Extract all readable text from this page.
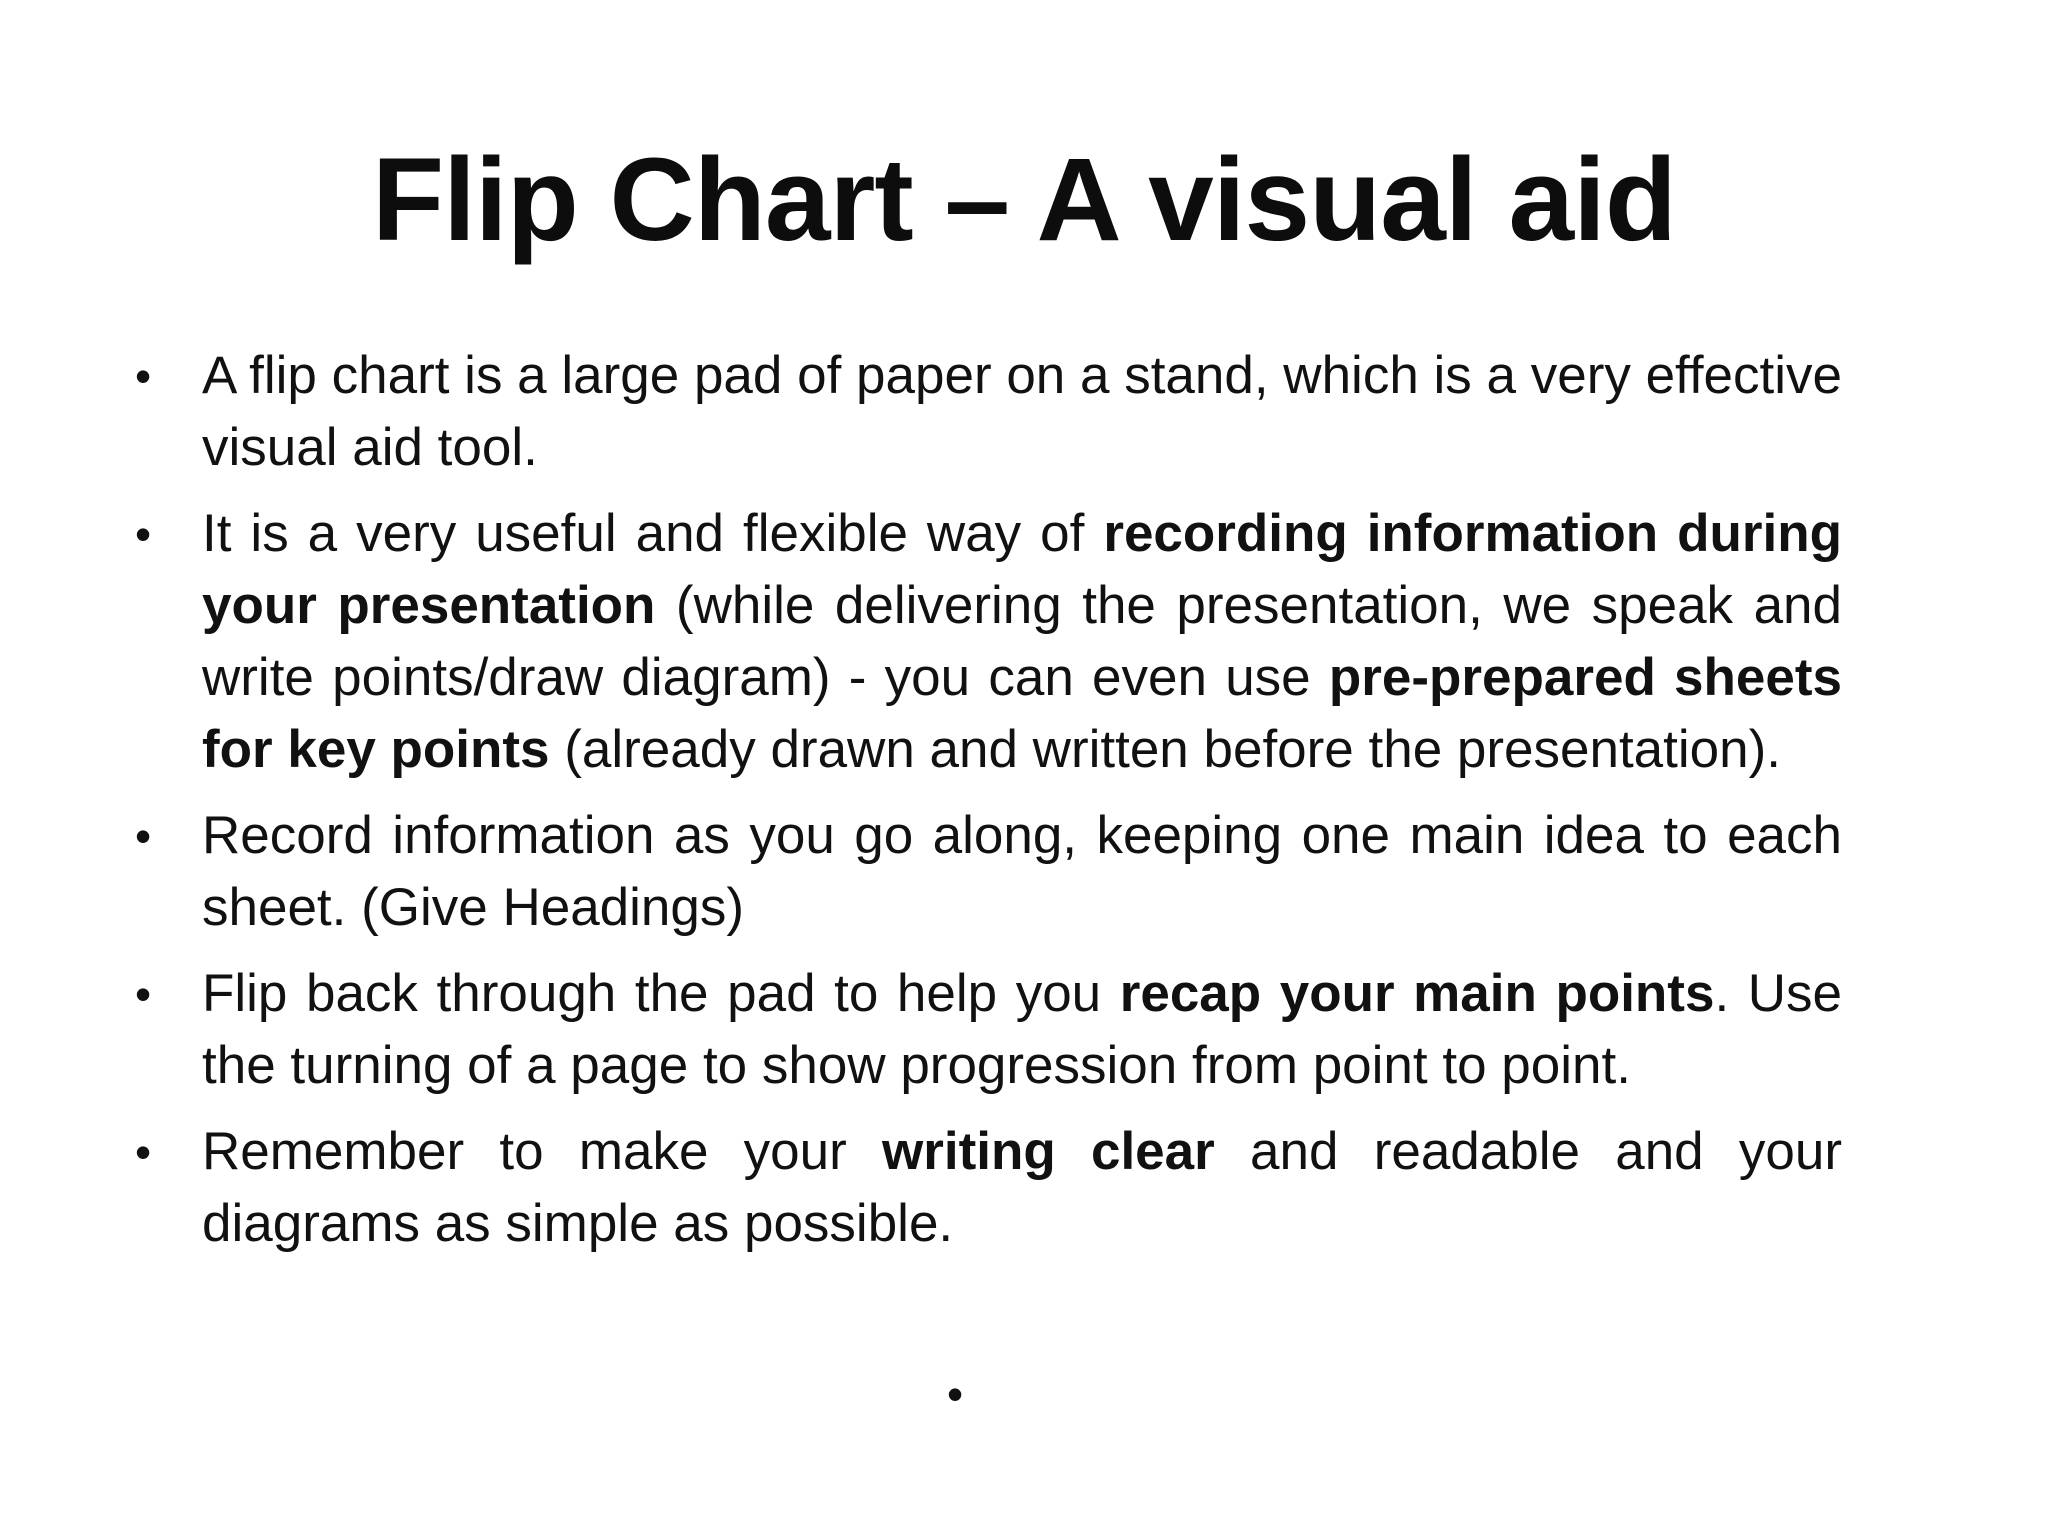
Flip Chart – A visual aid
• A flip chart is a large pad of paper on a stand, which is a very effective visual aid tool.
• It is a very useful and flexible way of recording information during your presentation (while delivering the presentation, we speak and write points/draw diagram) - you can even use pre-prepared sheets for key points (already drawn and written before the presentation).
• Record information as you go along, keeping one main idea to each sheet. (Give Headings)
• Flip back through the pad to help you recap your main points. Use the turning of a page to show progression from point to point.
• Remember to make your writing clear and readable and your diagrams as simple as possible.
•
